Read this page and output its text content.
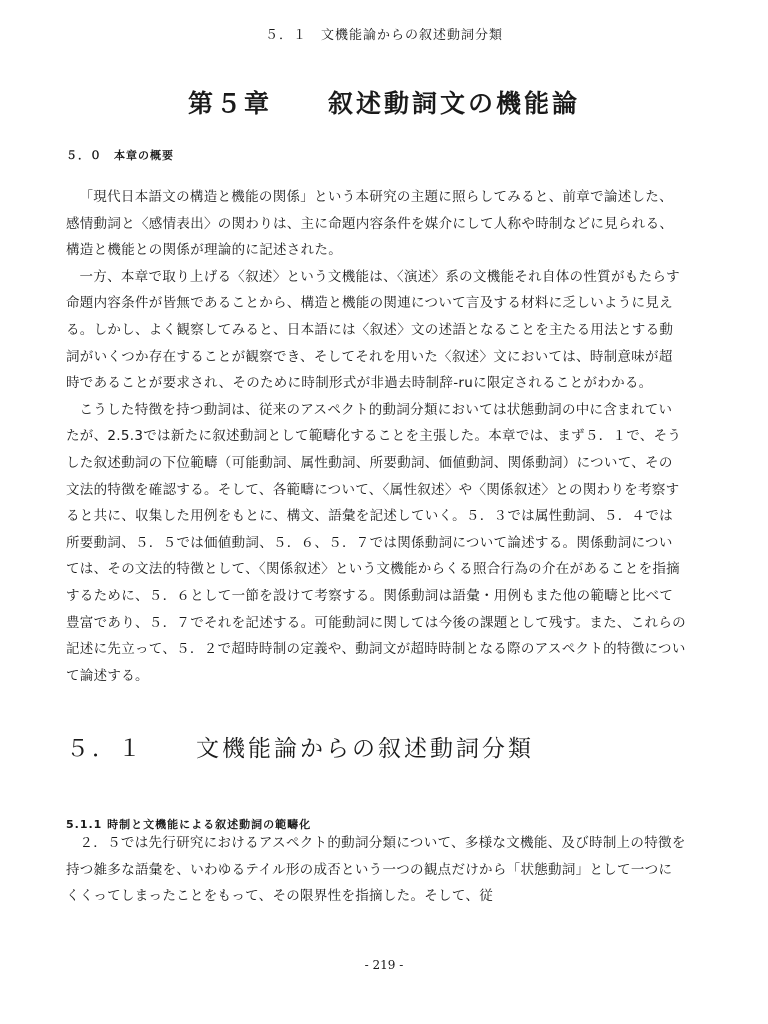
５．１　文機能論からの叙述動詞分類
第５章　　叙述動詞文の機能論
５．０　本章の概要

「現代日本語文の構造と機能の関係」という本研究の主題に照らしてみると、前章で論述した、感情動詞と〈感情表出〉の関わりは、主に命題内容条件を媒介にして人称や時制などに見られる、構造と機能との関係が理論的に記述された。

一方、本章で取り上げる〈叙述〉という文機能は、〈演述〉系の文機能それ自体の性質がもたらす命題内容条件が皆無であることから、構造と機能の関連について言及する材料に乏しいように見える。しかし、よく観察してみると、日本語には〈叙述〉文の述語となることを主たる用法とする動詞がいくつか存在することが観察でき、そしてそれを用いた〈叙述〉文においては、時制意味が超時であることが要求され、そのために時制形式が非過去時制辞-ruに限定されることがわかる。

こうした特徴を持つ動詞は、従来のアスペクト的動詞分類においては状態動詞の中に含まれていたが、2.5.3では新たに叙述動詞として範疇化することを主張した。本章では、まず５．１で、そうした叙述動詞の下位範疇（可能動詞、属性動詞、所要動詞、価値動詞、関係動詞）について、その文法的特徴を確認する。そして、各範疇について、〈属性叙述〉や〈関係叙述〉との関わりを考察すると共に、収集した用例をもとに、構文、語彙を記述していく。５．３では属性動詞、５．４では所要動詞、５．５では価値動詞、５．６、５．７では関係動詞について論述する。関係動詞については、その文法的特徴として、〈関係叙述〉という文機能からくる照合行為の介在があることを指摘するために、５．６として一節を設けて考察する。関係動詞は語彙・用例もまた他の範疇と比べて豊富であり、５．７でそれを記述する。可能動詞に関しては今後の課題として残す。また、これらの記述に先立って、５．２で超時時制の定義や、動詞文が超時時制となる際のアスペクト的特徴について論述する。

５．１　　文機能論からの叙述動詞分類
5.1.1 時制と文機能による叙述動詞の範疇化

２．５では先行研究におけるアスペクト的動詞分類について、多様な文機能、及び時制上の特徴を持つ雑多な語彙を、いわゆるテイル形の成否という一つの観点だけから「状態動詞」として一つにくくってしまったことをもって、その限界性を指摘した。そして、従

- 219 -
